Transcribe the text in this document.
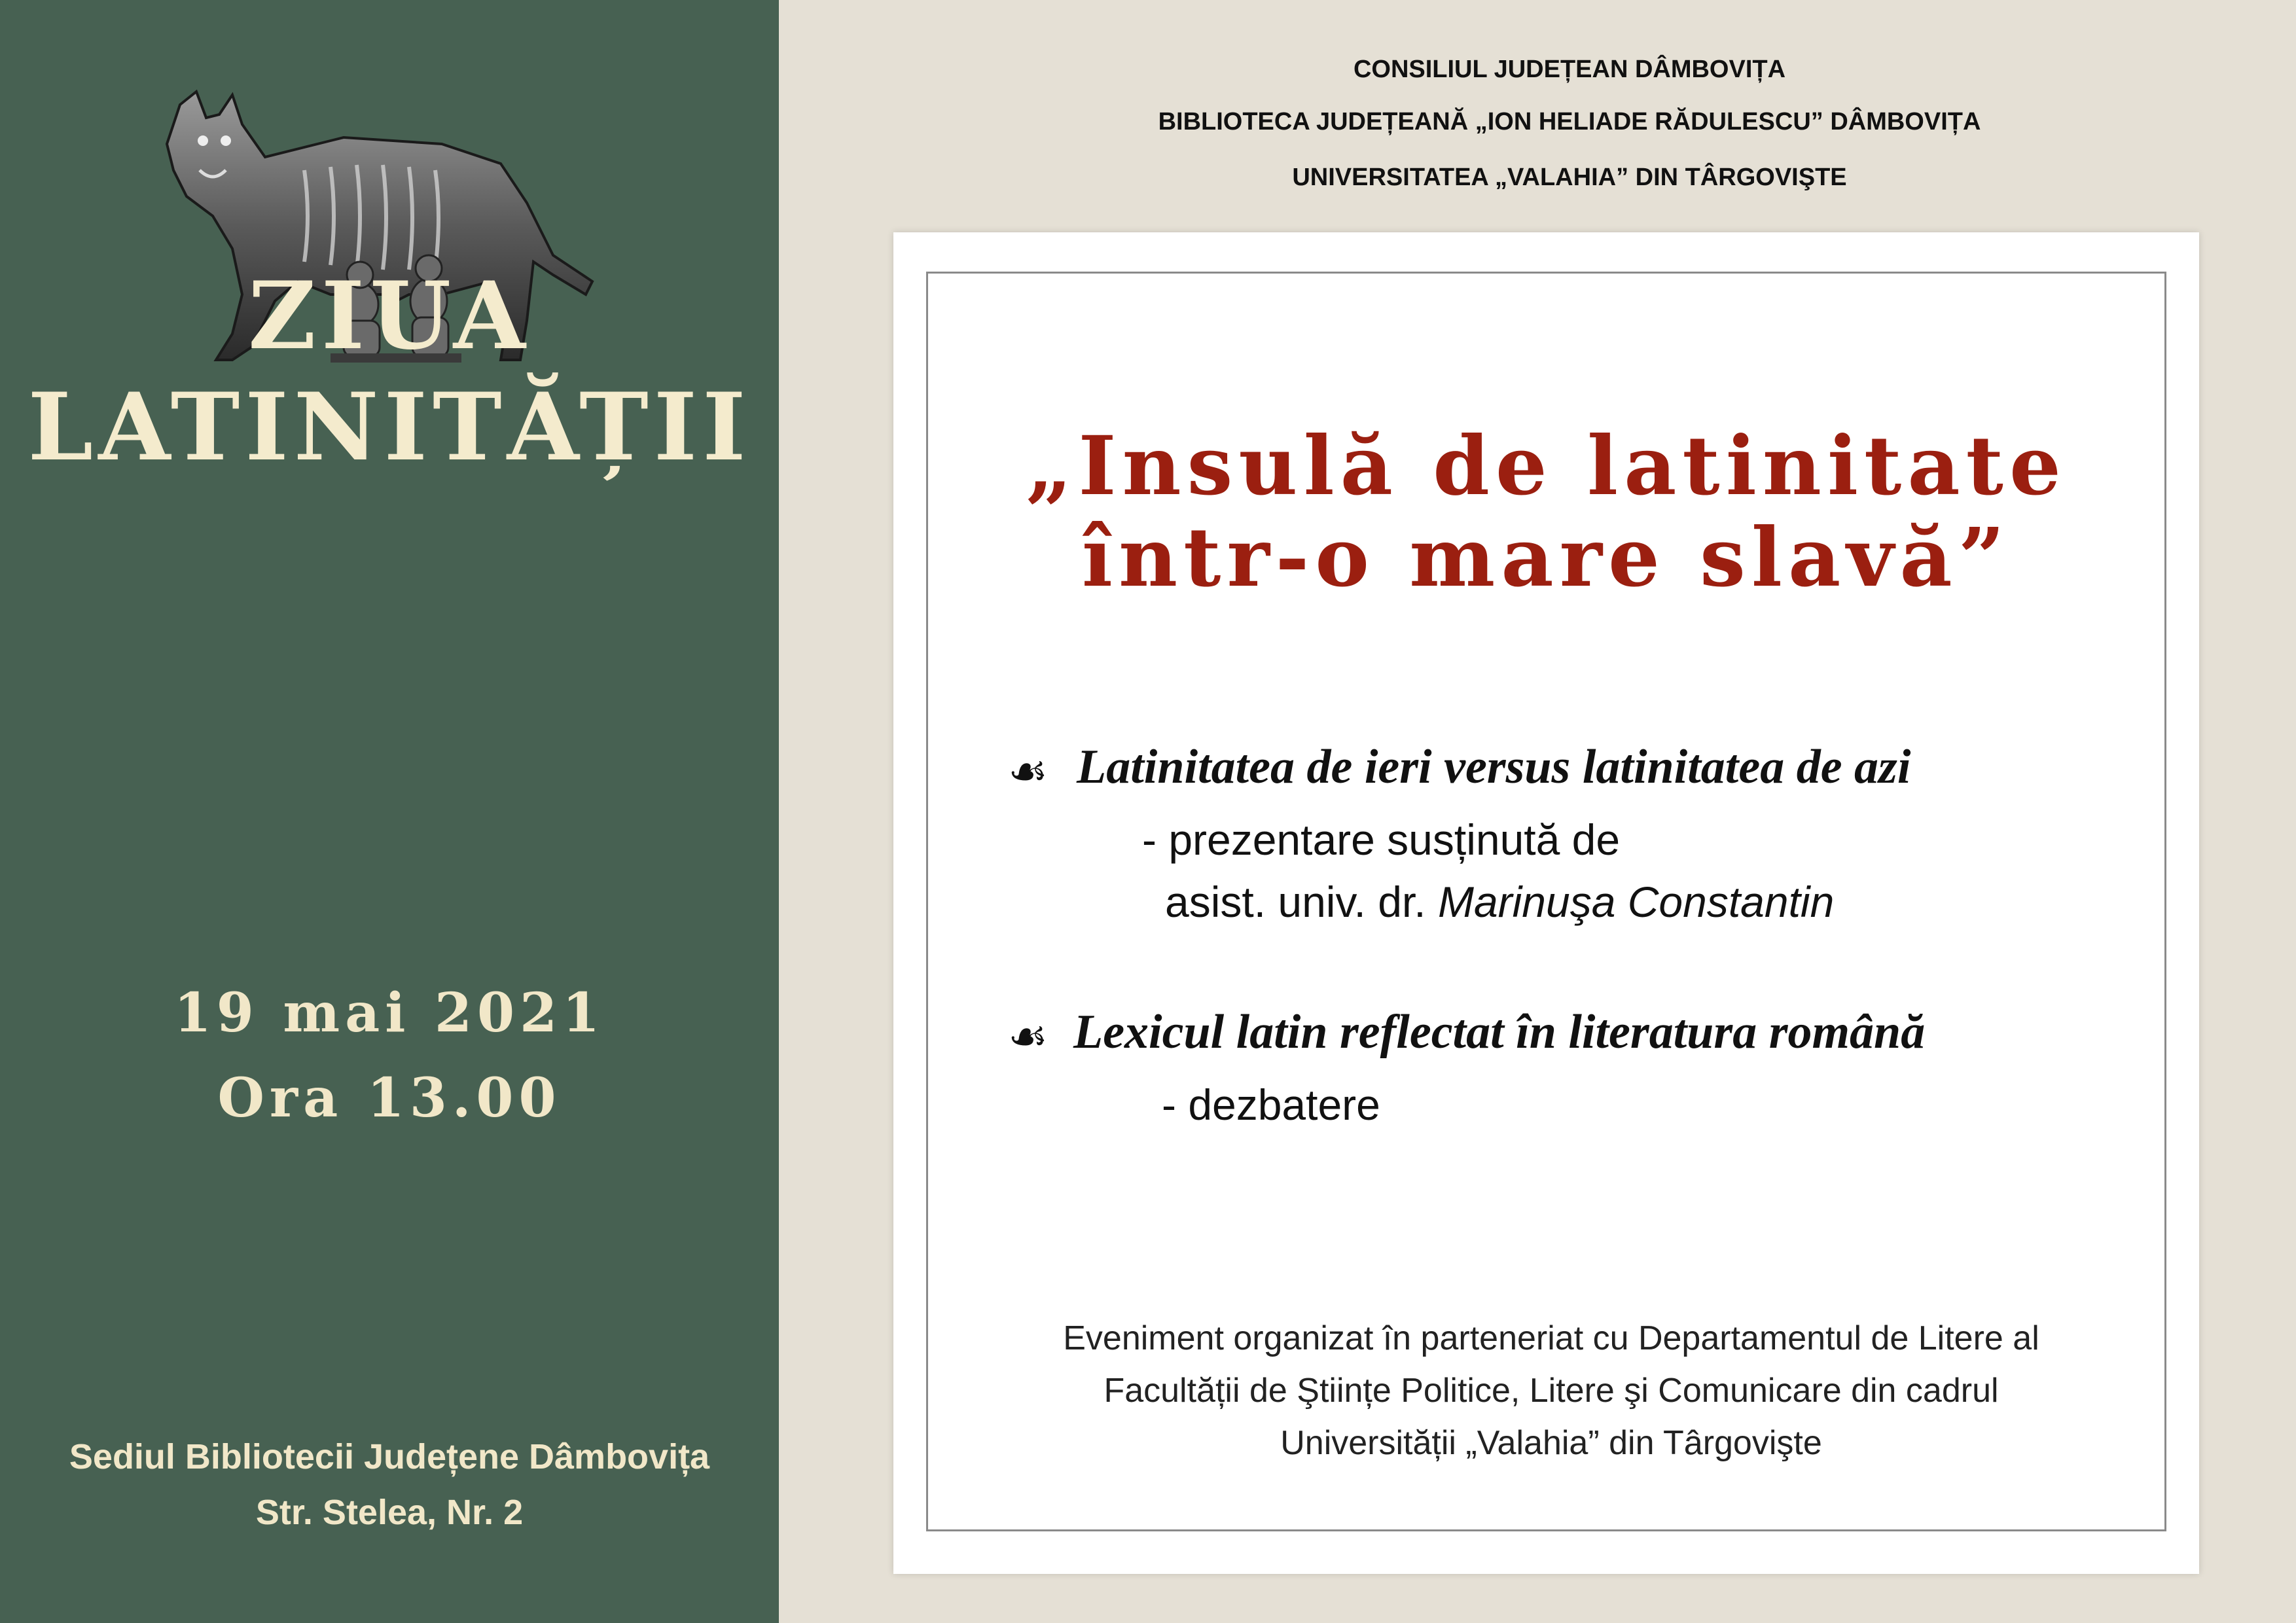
ZIUA
LATINITĂȚII
19 mai 2021
Ora 13.00
Sediul Bibliotecii Județene Dâmbovița
Str. Stelea, Nr. 2
CONSILIUL JUDEȚEAN DÂMBOVIȚA
BIBLIOTECA JUDEȚEANĂ „ION HELIADE RĂDULESCU” DÂMBOVIȚA
UNIVERSITATEA „VALAHIA” DIN TÂRGOVIŞTE
„Insulă de latinitate
într-o mare slavă”
☙ Latinitatea de ieri versus latinitatea de azi
- prezentare susținută de
asist. univ. dr. Marinuşa Constantin
☙ Lexicul latin reflectat în literatura română
- dezbatere
Eveniment organizat în parteneriat cu Departamentul de Litere al
Facultății de Ştiințe Politice, Litere şi Comunicare din cadrul
Universității „Valahia” din Târgovişte
